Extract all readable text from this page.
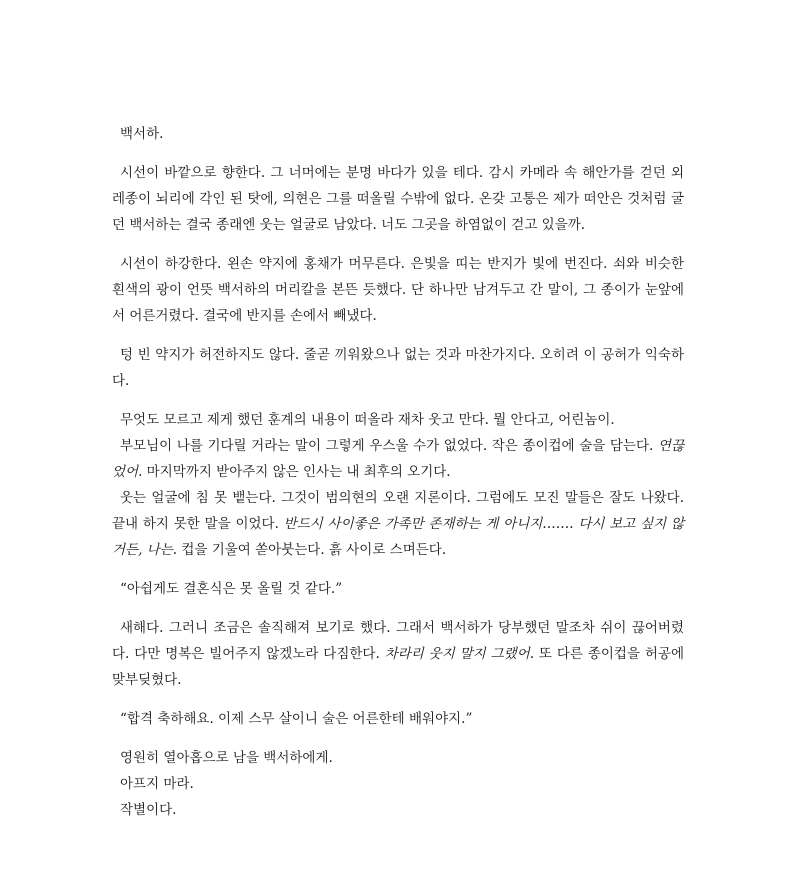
백서하.

시선이 바깥으로 향한다. 그 너머에는 분명 바다가 있을 테다. 감시 카메라 속 해안가를 걷던 외레종이 뇌리에 각인 된 탓에, 의현은 그를 떠올릴 수밖에 없다. 온갖 고통은 제가 떠안은 것처럼 굴던 백서하는 결국 종래엔 웃는 얼굴로 남았다. 너도 그곳을 하염없이 걷고 있을까.

시선이 하강한다. 왼손 약지에 홍채가 머무른다. 은빛을 띠는 반지가 빛에 번진다. 쇠와 비슷한 흰색의 광이 언뜻 백서하의 머리칼을 본뜬 듯했다. 단 하나만 남겨두고 간 말이, 그 종이가 눈앞에서 어른거렸다. 결국에 반지를 손에서 빼냈다.

텅 빈 약지가 허전하지도 않다. 줄곧 끼워왔으나 없는 것과 마찬가지다. 오히려 이 공허가 익숙하다.

무엇도 모르고 제게 했던 훈계의 내용이 떠올라 재차 웃고 만다. 뭘 안다고, 어린놈이.

부모님이 나를 기다릴 거라는 말이 그렇게 우스울 수가 없었다. 작은 종이컵에 술을 담는다. 연끊었어. 마지막까지 받아주지 않은 인사는 내 최후의 오기다.

웃는 얼굴에 침 못 뱉는다. 그것이 범의현의 오랜 지론이다. 그럼에도 모진 말들은 잘도 나왔다. 끝내 하지 못한 말을 이었다. 반드시 사이좋은 가족만 존재하는 게 아니지……. 다시 보고 싶지 않거든, 나는. 컵을 기울여 쏟아붓는다. 흙 사이로 스며든다.

“아쉽게도 결혼식은 못 올릴 것 같다.”

새해다. 그러니 조금은 솔직해져 보기로 했다. 그래서 백서하가 당부했던 말조차 쉬이 끊어버렸다. 다만 명복은 빌어주지 않겠노라 다짐한다. 차라리 웃지 말지 그랬어. 또 다른 종이컵을 허공에 맞부딪혔다.

“합격 축하해요. 이제 스무 살이니 술은 어른한테 배워야지.”

영원히 열아홉으로 남을 백서하에게.

아프지 마라.

작별이다.
